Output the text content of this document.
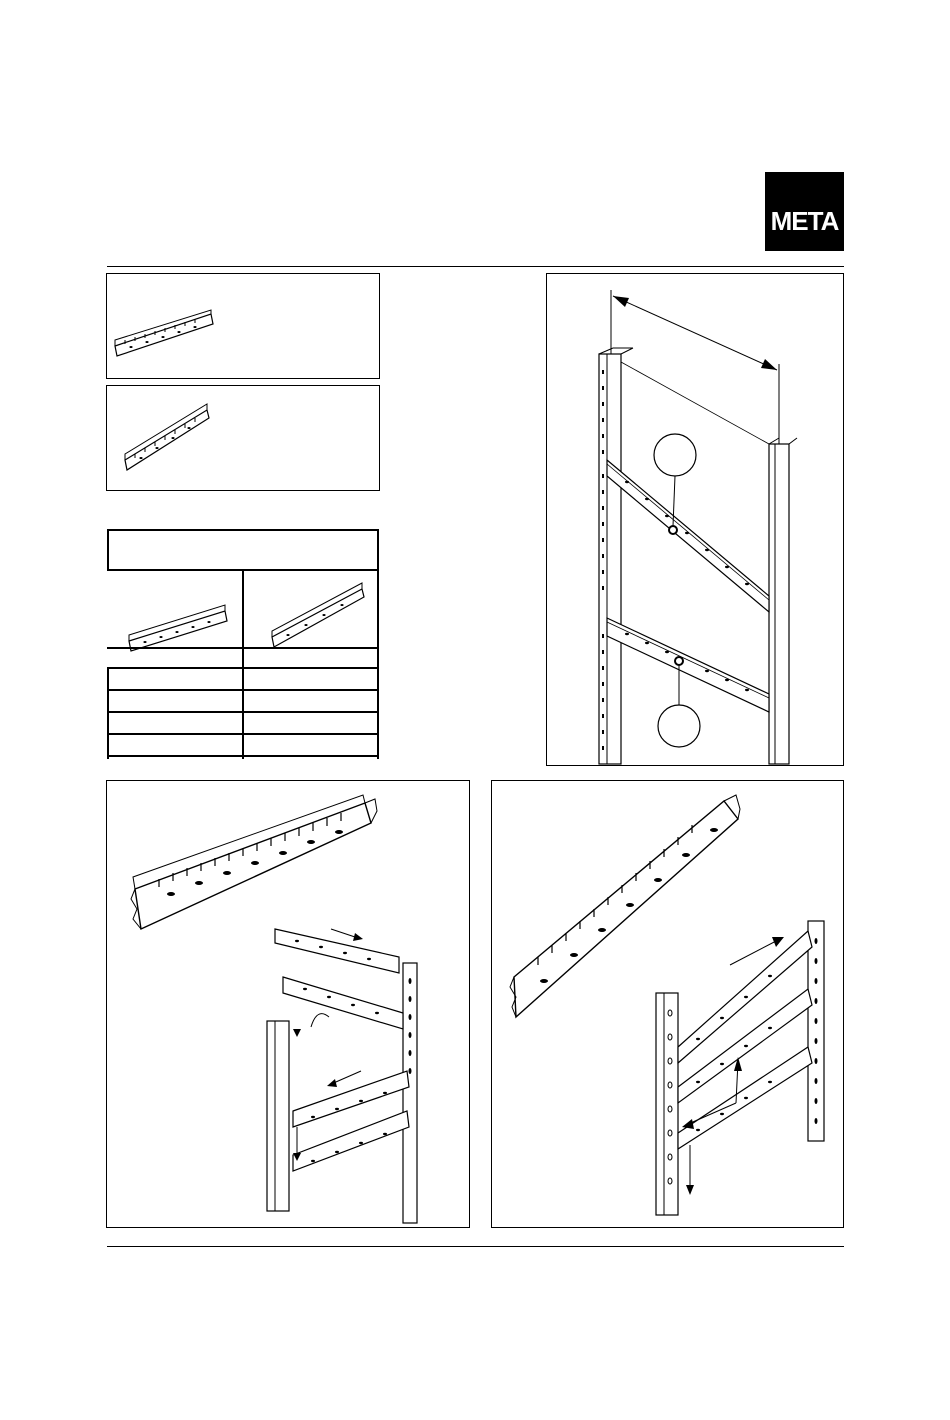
META
